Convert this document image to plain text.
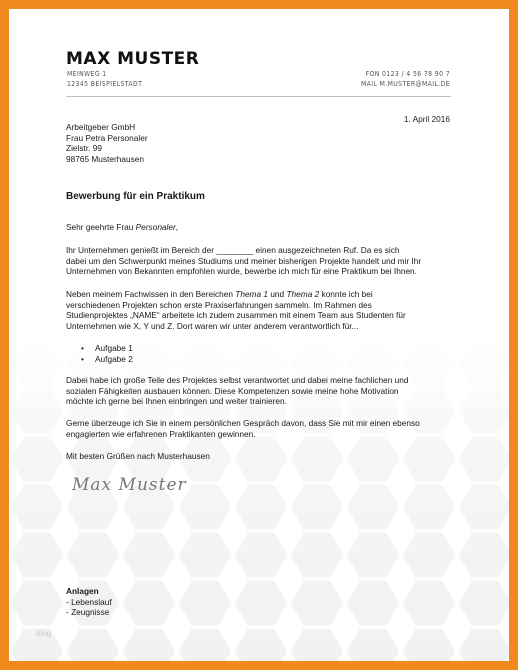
MAX MUSTER
MEINWEG 1
12345 BEISPIELSTADT
FON 0123 / 4 56 78 90 7
MAIL M.MUSTER@MAIL.DE
1. April 2016
Arbeitgeber GmbH
Frau Petra Personaler
Zielstr. 99
98765 Musterhausen
Bewerbung für ein Praktikum
Sehr geehrte Frau Personaler,
Ihr Unternehmen genießt im Bereich der ________ einen ausgezeichneten Ruf. Da es sich
dabei um den Schwerpunkt meines Studiums und meiner bisherigen Projekte handelt und mir Ihr
Unternehmen von Bekannten empfohlen wurde, bewerbe ich mich für eine Praktikum bei Ihnen.
Neben meinem Fachwissen in den Bereichen Thema 1 und Thema 2 konnte ich bei
verschiedenen Projekten schon erste Praxiserfahrungen sammeln. Im Rahmen des
Studienprojektes „NAME“ arbeitete ich zudem zusammen mit einem Team aus Studenten für
Unternehmen wie X, Y und Z. Dort waren wir unter anderem verantwortlich für...
• Aufgabe 1
• Aufgabe 2
Dabei habe ich große Teile des Projektes selbst verantwortet und dabei meine fachlichen und
sozialen Fähigkeiten ausbauen können. Diese Kompetenzen sowie meine hohe Motivation
möchte ich gerne bei Ihnen einbringen und weiter trainieren.
Gerne überzeuge ich Sie in einem persönlichen Gespräch davon, dass Sie mit mir einen ebenso
engagierten wie erfahrenen Praktikanten gewinnen.
Mit besten Grüßen nach Musterhausen
Max Muster
Anlagen
- Lebenslauf
- Zeugnisse
blog
